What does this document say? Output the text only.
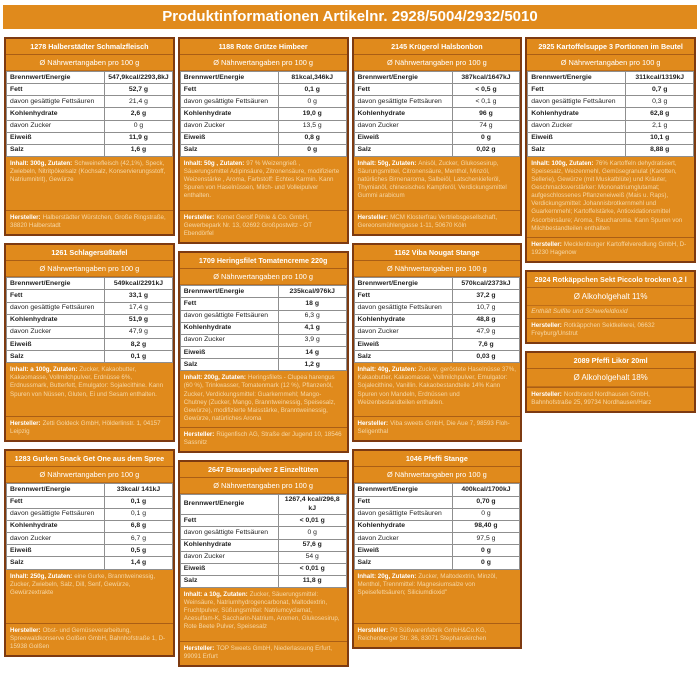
Produktinformationen Artikelnr. 2928/5004/2932/5010
1278 Halberstädter Schmalzfleisch
Ø Nährwertangaben pro 100 g
Brennwert/Energie	547,9kcal/2293,8kJ
Fett	52,7 g
davon gesättigte Fettsäuren	21,4 g
Kohlenhydrate	2,6 g
davon Zucker	0 g
Eiweiß	11,9 g
Salz	1,6 g
Inhalt: 300g, Zutaten: Schweinefleisch (42,1%), Speck, Zwiebeln, Nitritpökelsalz (Kochsalz, Konservierungsstoff, Natriumnitrit), Gewürze
Hersteller: Halberstädter Würstchen, Große Ringstraße, 38820 Halberstadt
1261 Schlagersüßtafel
Ø Nährwertangaben pro 100 g
Brennwert/Energie	549kcal/2291kJ
Fett	33,1 g
davon gesättigte Fettsäuren	17,4 g
Kohlenhydrate	51,9 g
davon Zucker	47,9 g
Eiweiß	8,2 g
Salz	0,1 g
Inhalt: a 100g, Zutaten: Zucker, Kakaobutter, Kakaomasse, Vollmilchpulver, Erdnüsse 6%, Erdnussmark, Butterfett, Emulgator: Sojalecithine. Kann Spuren von Nüssen, Gluten, Ei und Sesam enthalten.
Hersteller: Zetti Goldeck GmbH, Hölderlinstr. 1, 04157 Leipzig
1283 Gurken Snack Get One aus dem Spree
Ø Nährwertangaben pro 100 g
Brennwert/Energie	33kcal/ 141kJ
Fett	0,1 g
davon gesättigte Fettsäuren	0,1 g
Kohlenhydrate	6,8 g
davon Zucker	6,7 g
Eiweiß	0,5 g
Salz	1,4 g
Inhalt: 250g, Zutaten: eine Gurke, Branntweinessig, Zucker, Zwiebeln, Salz, Dill, Senf, Gewürze, Gewürzextrakte
Hersteller: Obst- und Gemüseverarbeitung, Spreewaldkonserve Golßen GmbH, Bahnhofstraße 1, D-15938 Golßen
1188 Rote Grütze Himbeer
Ø Nährwertangaben pro 100 g
Brennwert/Energie	81kcal,346kJ
Fett	0,1 g
davon gesättigte Fettsäuren	0 g
Kohlenhydrate	19,0 g
davon Zucker	13,5 g
Eiweiß	0,8 g
Salz	0 g
Inhalt: 50g , Zutaten: 97 % Weizengrieß , Säuerungsmittel Adipinsäure, Zitronensäure, modifizierte Weizenstärke , Aroma, Farbstoff: Echtes Karmin. Kann Spuren von Haselnüssen, Milch- und Volleipulver enthalten.
Hersteller: Komet Gerolf Pöhle & Co. GmbH, Gewerbepark Nr. 13, 02692 Großpostwitz - OT Ebendörfel
1709 Heringsfilet Tomatencreme 220g
Ø Nährwertangaben pro 100 g
Brennwert/Energie	235kcal/976kJ
Fett	18 g
davon gesättigte Fettsäuren	6,3 g
Kohlenhydrate	4,1 g
davon Zucker	3,9 g
Eiweiß	14 g
Salz	1,2 g
Inhalt: 200g, Zutaten: Heringsfilets - Clupea harengus (60 %), Trinkwasser, Tomatenmark (12 %), Pflanzenöl, Zucker, Verdickungsmittel: Guarkernmehl; Mango-Chutney (Zucker, Mango, Branntweinessig, Speisesalz, Gewürze), modifizierte Maisstärke, Branntweinessig, Gewürze, natürliches Aroma
Hersteller: Rügenfisch AG, Straße der Jugend 10, 18546 Sassnitz
2647 Brausepulver 2 Einzeltüten
Ø Nährwertangaben pro 100 g
Brennwert/Energie	1267,4 kcal/296,8 kJ
Fett	< 0,01 g
davon gesättigte Fettsäuren	0 g
Kohlenhydrate	57,6 g
davon Zucker	54 g
Eiweiß	< 0,01 g
Salz	11,8 g
Inhalt: a 10g, Zutaten: Zucker, Säuerungsmittel: Weinsäure, Natriumhydrogencarbonat, Maltodextrin, Fruchtpulver, Süßungsmittel: Natriumcyclamat, Acesulfam-K, Saccharin-Natrium, Aromen, Glukosesirup, Rote Beete Pulver, Speisesalz
Hersteller: TOP Sweets GmbH, Niederlassung Erfurt, 99091 Erfurt
2145 Krügerol Halsbonbon
Ø Nährwertangaben pro 100 g
Brennwert/Energie	387kcal/1647kJ
Fett	< 0,5 g
davon gesättigte Fettsäuren	< 0,1 g
Kohlenhydrate	96 g
davon Zucker	74 g
Eiweiß	0 g
Salz	0,02 g
Inhalt: 50g, Zutaten: Anisöl, Zucker, Glukosesirup, Säurungsmittel, Citronensäure, Menthol, Minzöl, natürliches Birnenaroma, Salbeiöl, Latschenkieferöl, Thymianöl, chinesisches Kampferöl, Verdickungsmittel Gummi arabicum
Hersteller: MCM Klosterfrau Vertriebsgesellschaft, Gereonsmühlengasse 1-11, 50670 Köln
1162 Viba Nougat Stange
Ø Nährwertangaben pro 100 g
Brennwert/Energie	570kcal/2373kJ
Fett	37,2 g
davon gesättigte Fettsäuren	10,7 g
Kohlenhydrate	48,8 g
davon Zucker	47,9 g
Eiweiß	7,6 g
Salz	0,03 g
Inhalt: 40g, Zutaten: Zucker, geröstete Haselnüsse 37%, Kakaobutter, Kakaomasse, Vollmilchpulver, Emulgator: Sojalecithine, Vanillin. Kakaobestandteile 14% Kann Spuren von Mandeln, Erdnüssen und Weizenbestandteilen enthalten.
Hersteller: Viba sweets GmbH, Die Aue 7, 98593 Floh-Seligenthal
1046 Pfeffi Stange
Ø Nährwertangaben pro 100 g
Brennwert/Energie	400kcal/1700kJ
Fett	0,70 g
davon gesättigte Fettsäuren	0 g
Kohlenhydrate	98,40 g
davon Zucker	97,5 g
Eiweiß	0 g
Salz	0 g
Inhalt: 20g, Zutaten: Zucker, Maltodextrin, Minzöl, Menthol, Trennmittel: Magnesiumsalze von Speisefettsäuren; Siliciumdioxid"
Hersteller: Pit Süßwarenfabrik GmbH&Co.KG, Reichenberger Str. 36, 83071 Stephanskirchen
2925 Kartoffelsuppe 3 Portionen im Beutel
Ø Nährwertangaben pro 100 g
Brennwert/Energie	311kcal/1319kJ
Fett	0,7 g
davon gesättigte Fettsäuren	0,3 g
Kohlenhydrate	62,8 g
davon Zucker	2,1 g
Eiweiß	10,1 g
Salz	8,88 g
Inhalt: 100g, Zutaten: 76% Kartoffeln dehydratisiert, Speisesalz, Weizenmehl, Gemüsegranulat (Karotten, Sellerie), Gewürze (mit Muskatblüte) und Kräuter, Geschmacksverstärker: Mononatriumglutamat; aufgeschlossenes Pflanzeneiweiß (Mais u. Raps), Verdickungsmittel: Johannisbrotkernmehl und Guarkernmehl; Kartoffelstärke, Antioxidationsmittel Ascorbinsäure; Aroma, Raucharoma. Kann Spuren von Milchbestandteilen enthalten
Hersteller: Mecklenburger Kartoffelveredlung GmbH, D-19230 Hagenow
2924 Rotkäppchen Sekt Piccolo trocken 0,2 l
Ø Alkoholgehalt 11%
Enthält Sulfite und Schwefeldioxid
Hersteller: Rotkäppchen Sektkellerei, 06632 Freyburg/Unstrut
2089 Pfeffi Likör 20ml
Ø Alkoholgehalt 18%
Hersteller: Nordbrand Nordhausen GmbH, Bahnhofstraße 25, 99734 Nordhausen/Harz
